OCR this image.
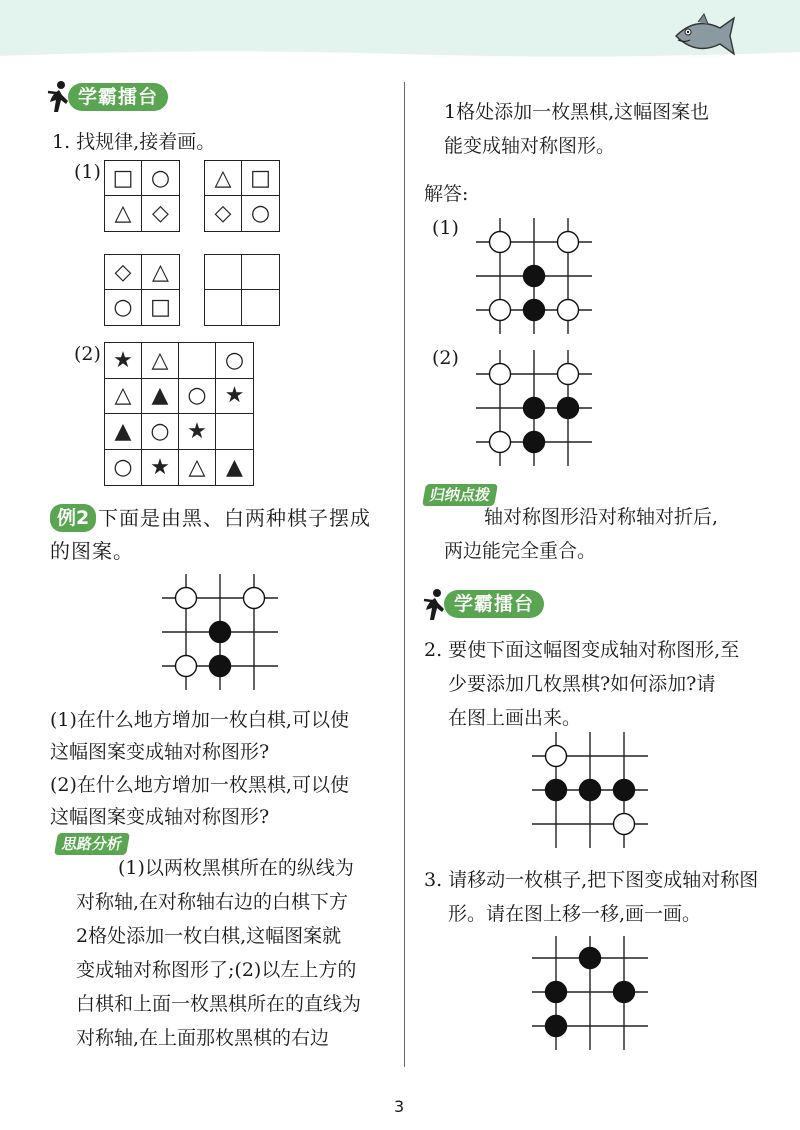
学霸擂台
1. 找规律,接着画。
(1) □ ○
△ ◇
△ □
◇ ○
◇ △
○ □
(2) ★ △	○
△ ▲ ○ ★
▲ ○ ★
○ ★ △ ▲
例2 下面是由黑、白两种棋子摆成
的图案。
(1)在什么地方增加一枚白棋,可以使
这幅图案变成轴对称图形?
(2)在什么地方增加一枚黑棋,可以使
这幅图案变成轴对称图形?
思路分析
(1)以两枚黑棋所在的纵线为
对称轴,在对称轴右边的白棋下方
2格处添加一枚白棋,这幅图案就
变成轴对称图形了;(2)以左上方的
白棋和上面一枚黑棋所在的直线为
对称轴,在上面那枚黑棋的右边
1格处添加一枚黑棋,这幅图案也
能变成轴对称图形。
解答:
(1)
(2)
归纳点拨
轴对称图形沿对称轴对折后,
两边能完全重合。
学霸擂台
2. 要使下面这幅图变成轴对称图形,至
少要添加几枚黑棋?如何添加?请
在图上画出来。
3. 请移动一枚棋子,把下图变成轴对称图
形。请在图上移一移,画一画。
3
